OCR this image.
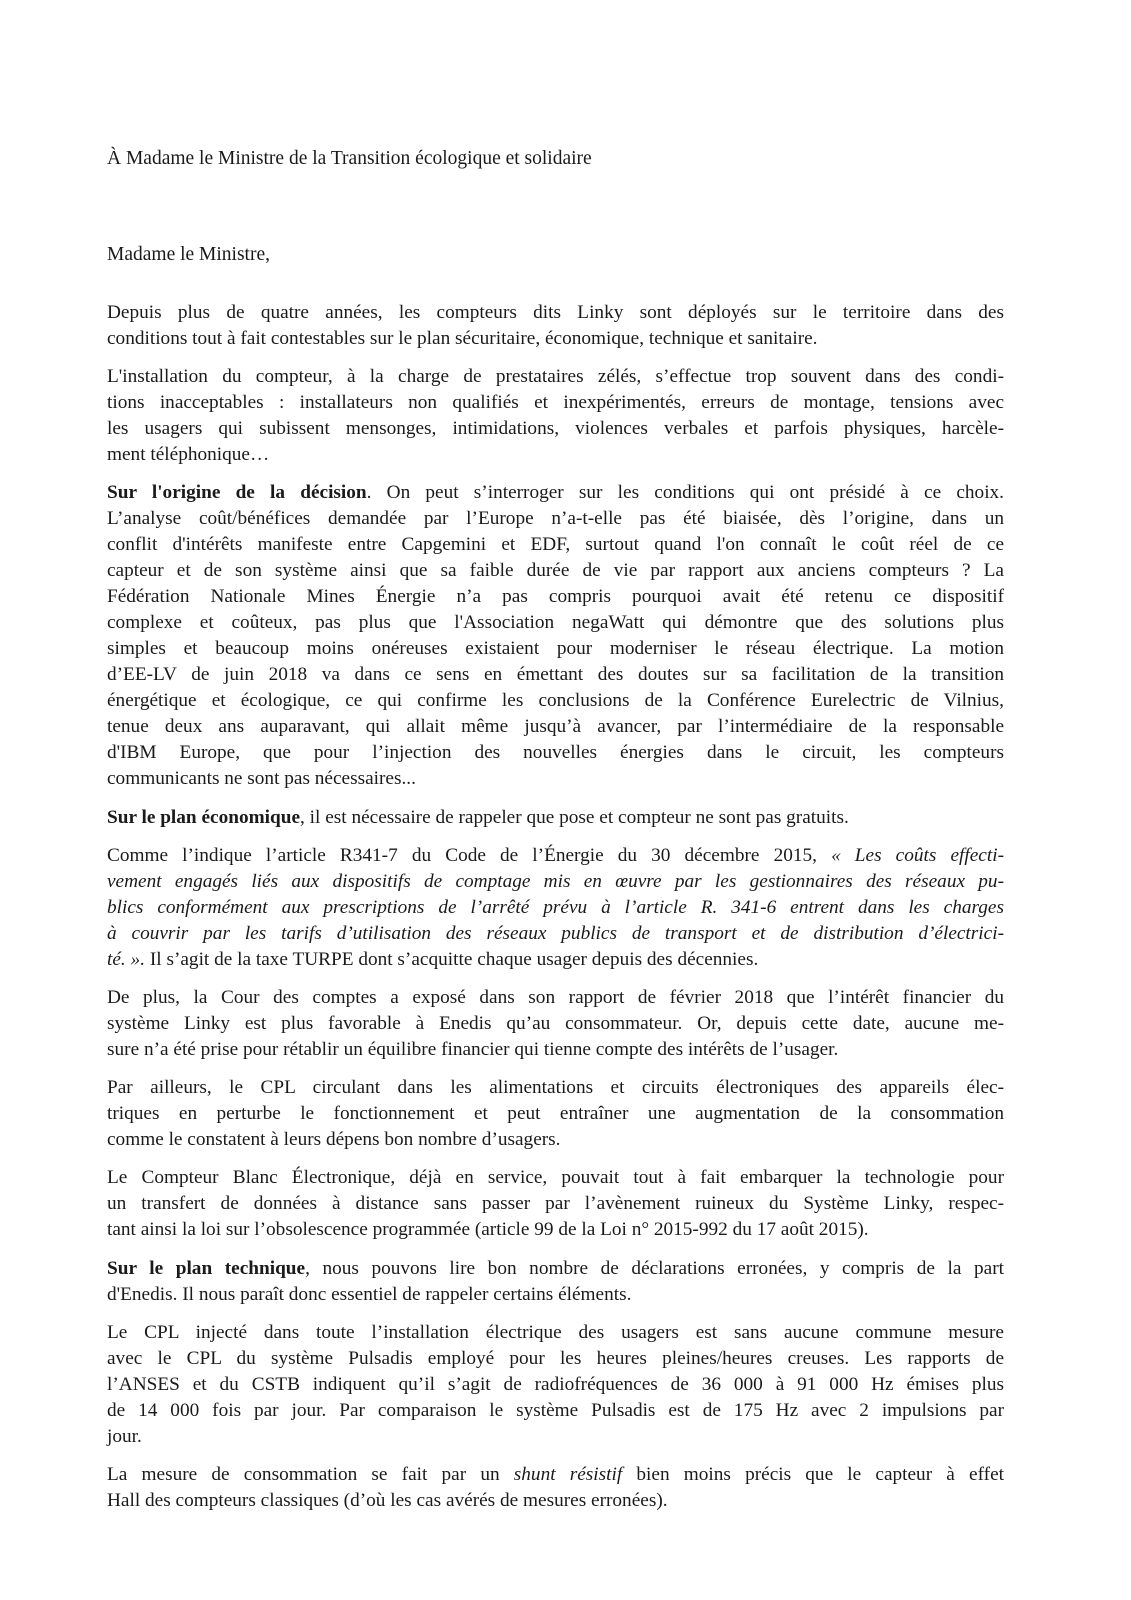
À Madame le Ministre de la Transition écologique et solidaire
Madame le Ministre,

Depuis plus de quatre années, les compteurs dits Linky sont déployés sur le territoire dans des
conditions tout à fait contestables sur le plan sécuritaire, économique, technique et sanitaire.

L'installation du compteur, à la charge de prestataires zélés, s’effectue trop souvent dans des condi-
tions inacceptables : installateurs non qualifiés et inexpérimentés, erreurs de montage, tensions avec
les usagers qui subissent mensonges, intimidations, violences verbales et parfois physiques, harcèle-
ment téléphonique…

Sur l'origine de la décision. On peut s’interroger sur les conditions qui ont présidé à ce choix.
L’analyse coût/bénéfices demandée par l’Europe n’a-t-elle pas été biaisée, dès l’origine, dans un
conflit d'intérêts manifeste entre Capgemini et EDF, surtout quand l'on connaît le coût réel de ce
capteur et de son système ainsi que sa faible durée de vie par rapport aux anciens compteurs ? La
Fédération Nationale Mines Énergie n’a pas compris pourquoi avait été retenu ce dispositif
complexe et coûteux, pas plus que l'Association negaWatt qui démontre que des solutions plus
simples et beaucoup moins onéreuses existaient pour moderniser le réseau électrique. La motion
d’EE-LV de juin 2018 va dans ce sens en émettant des doutes sur sa facilitation de la transition
énergétique et écologique, ce qui confirme les conclusions de la Conférence Eurelectric de Vilnius,
tenue deux ans auparavant, qui allait même jusqu’à avancer, par l’intermédiaire de la responsable
d'IBM Europe, que pour l’injection des nouvelles énergies dans le circuit, les compteurs
communicants ne sont pas nécessaires...

Sur le plan économique, il est nécessaire de rappeler que pose et compteur ne sont pas gratuits.

Comme l’indique l’article R341-7 du Code de l’Énergie du 30 décembre 2015, « Les coûts effecti-
vement engagés liés aux dispositifs de comptage mis en œuvre par les gestionnaires des réseaux pu-
blics conformément aux prescriptions de l’arrêté prévu à l’article R. 341-6 entrent dans les charges
à couvrir par les tarifs d’utilisation des réseaux publics de transport et de distribution d’électrici-
té. ». Il s’agit de la taxe TURPE dont s’acquitte chaque usager depuis des décennies.

De plus, la Cour des comptes a exposé dans son rapport de février 2018 que l’intérêt financier du
système Linky est plus favorable à Enedis qu’au consommateur. Or, depuis cette date, aucune me-
sure n’a été prise pour rétablir un équilibre financier qui tienne compte des intérêts de l’usager.

Par ailleurs, le CPL circulant dans les alimentations et circuits électroniques des appareils élec-
triques en perturbe le fonctionnement et peut entraîner une augmentation de la consommation
comme le constatent à leurs dépens bon nombre d’usagers.

Le Compteur Blanc Électronique, déjà en service, pouvait tout à fait embarquer la technologie pour
un transfert de données à distance sans passer par l’avènement ruineux du Système Linky, respec-
tant ainsi la loi sur l’obsolescence programmée (article 99 de la Loi n° 2015-992 du 17 août 2015).

Sur le plan technique, nous pouvons lire bon nombre de déclarations erronées, y compris de la part
d'Enedis. Il nous paraît donc essentiel de rappeler certains éléments.

Le CPL injecté dans toute l’installation électrique des usagers est sans aucune commune mesure
avec le CPL du système Pulsadis employé pour les heures pleines/heures creuses. Les rapports de
l’ANSES et du CSTB indiquent qu’il s’agit de radiofréquences de 36 000 à 91 000 Hz émises plus
de 14 000 fois par jour. Par comparaison le système Pulsadis est de 175 Hz avec 2 impulsions par
jour.

La mesure de consommation se fait par un shunt résistif bien moins précis que le capteur à effet
Hall des compteurs classiques (d’où les cas avérés de mesures erronées).
